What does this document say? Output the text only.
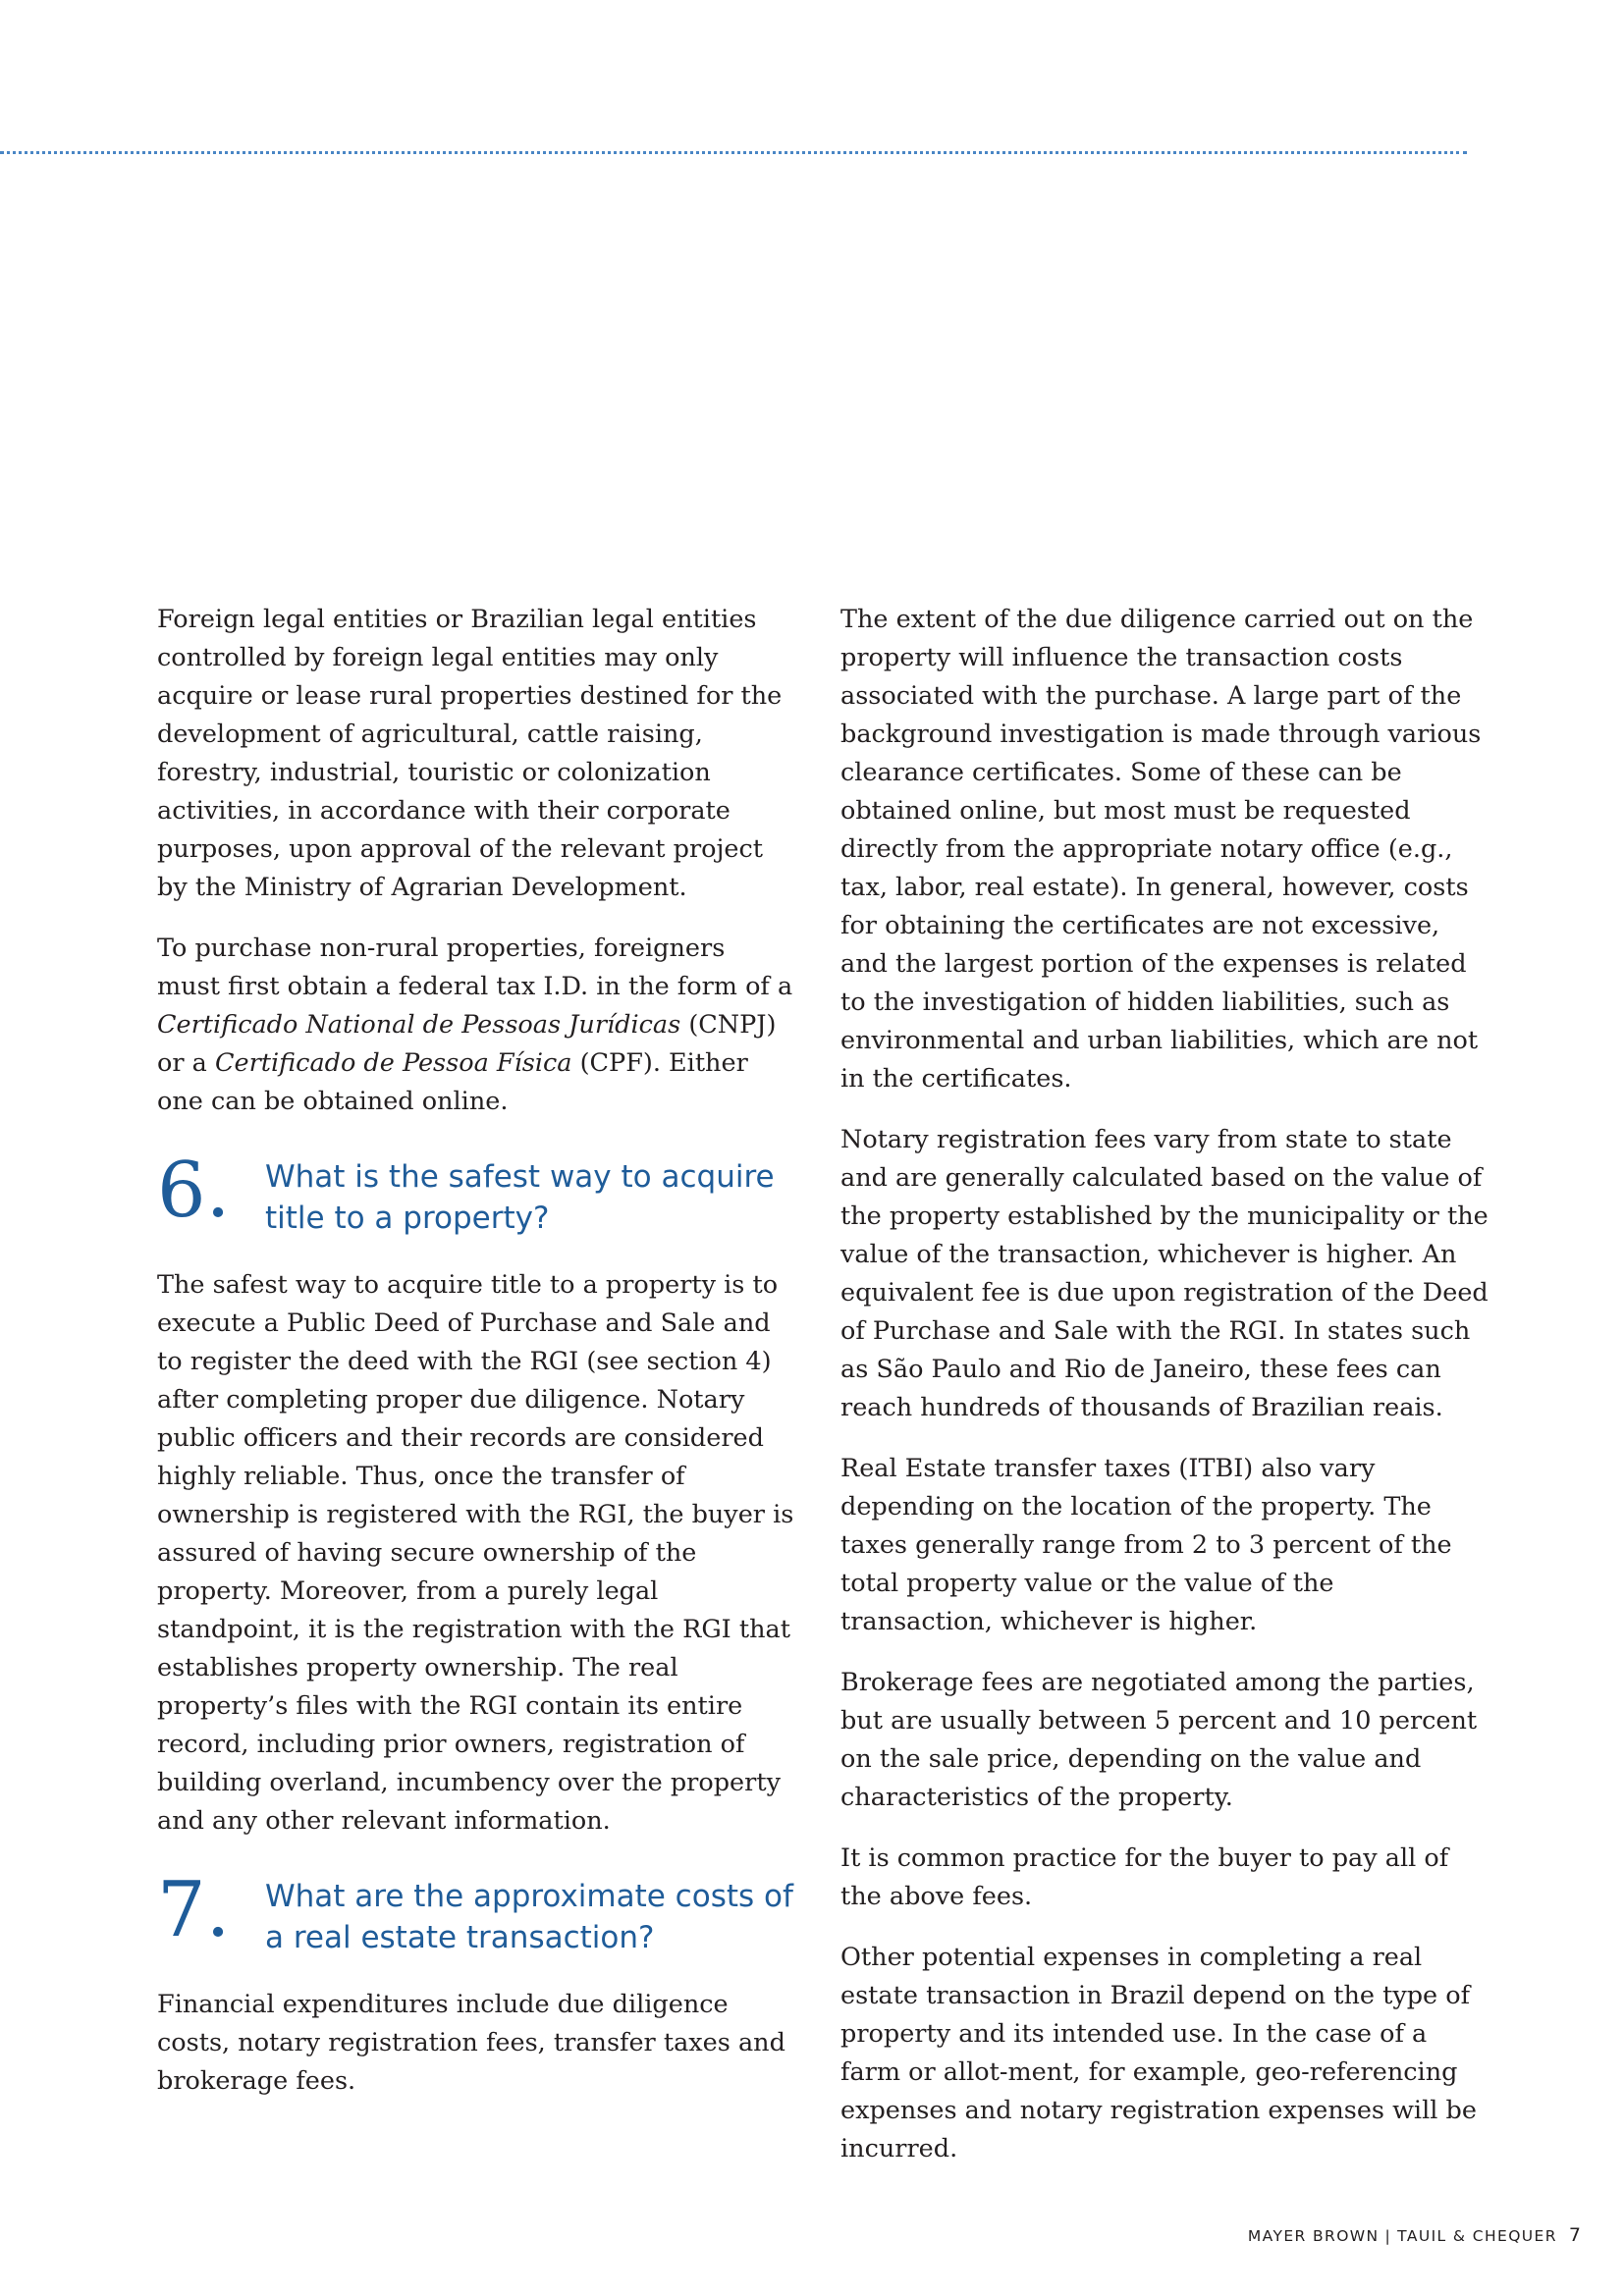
Foreign legal entities or Brazilian legal entities controlled by foreign legal entities may only acquire or lease rural properties destined for the development of agricultural, cattle raising, forestry, industrial, touristic or colonization activities, in accordance with their corporate purposes, upon approval of the relevant project by the Ministry of Agrarian Development.

To purchase non-rural properties, foreigners must first obtain a federal tax I.D. in the form of a Certificado National de Pessoas Jurídicas (CNPJ) or a Certificado de Pessoa Física (CPF). Either one can be obtained online.

6.	What is the safest way to acquire title to a property?

The safest way to acquire title to a property is to execute a Public Deed of Purchase and Sale and to register the deed with the RGI (see section 4) after completing proper due diligence. Notary public officers and their records are considered highly reliable. Thus, once the transfer of ownership is registered with the RGI, the buyer is assured of having secure ownership of the property. Moreover, from a purely legal standpoint, it is the registration with the RGI that establishes property ownership. The real property’s files with the RGI contain its entire record, including prior owners, registration of building overland, incumbency over the property and any other relevant information.

7.	What are the approximate costs of a real estate transaction?

Financial expenditures include due diligence costs, notary registration fees, transfer taxes and brokerage fees.

The extent of the due diligence carried out on the property will influence the transaction costs associated with the purchase. A large part of the background investigation is made through various clearance certificates. Some of these can be obtained online, but most must be requested directly from the appropriate notary office (e.g., tax, labor, real estate). In general, however, costs for obtaining the certificates are not excessive, and the largest portion of the expenses is related to the investigation of hidden liabilities, such as environmental and urban liabilities, which are not in the certificates.

Notary registration fees vary from state to state and are generally calculated based on the value of the property established by the municipality or the value of the transaction, whichever is higher. An equivalent fee is due upon registration of the Deed of Purchase and Sale with the RGI. In states such as São Paulo and Rio de Janeiro, these fees can reach hundreds of thousands of Brazilian reais.

Real Estate transfer taxes (ITBI) also vary depending on the location of the property. The taxes generally range from 2 to 3 percent of the total property value or the value of the transaction, whichever is higher.

Brokerage fees are negotiated among the parties, but are usually between 5 percent and 10 percent on the sale price, depending on the value and characteristics of the property.

It is common practice for the buyer to pay all of the above fees.

Other potential expenses in completing a real estate transaction in Brazil depend on the type of property and its intended use. In the case of a farm or allot-ment, for example, geo-referencing expenses and notary registration expenses will be incurred.

MAYER BROWN | TAUIL & CHEQUER 7
